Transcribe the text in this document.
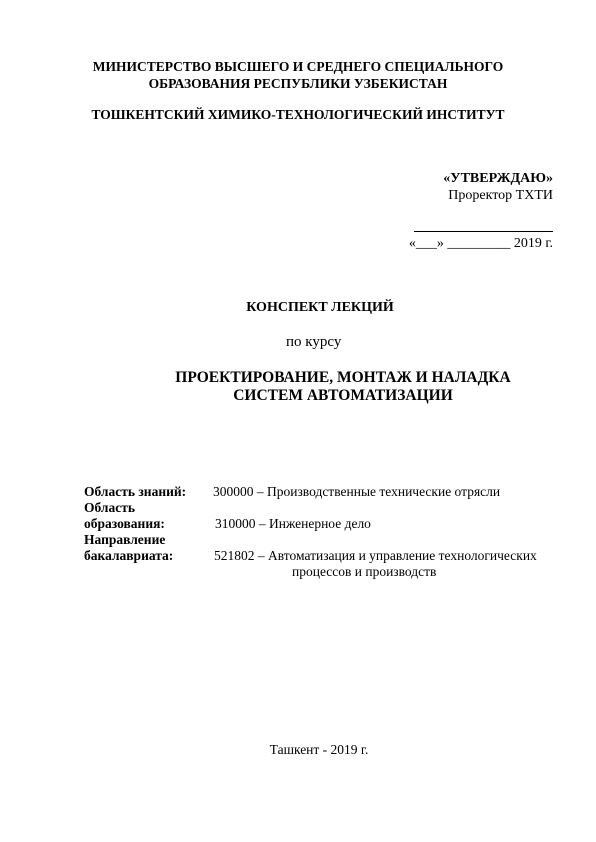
МИНИСТЕРСТВО ВЫСШЕГО И СРЕДНЕГО СПЕЦИАЛЬНОГО
ОБРАЗОВАНИЯ РЕСПУБЛИКИ УЗБЕКИСТАН
ТОШКЕНТСКИЙ ХИМИКО-ТЕХНОЛОГИЧЕСКИЙ ИНСТИТУТ
«УТВЕРЖДАЮ»
Проректор ТХТИ
«___» _________ 2019 г.
КОНСПЕКТ ЛЕКЦИЙ
по курсу
ПРОЕКТИРОВАНИЕ, МОНТАЖ И НАЛАДКА
СИСТЕМ АВТОМАТИЗАЦИИ
Область знаний: 300000 – Производственные технические отрясли
Область
образования:	310000 – Инженерное дело
Направление
бакалавриата:	521802 – Автоматизация и управление технологических
процессов и производств
Ташкент - 2019 г.
